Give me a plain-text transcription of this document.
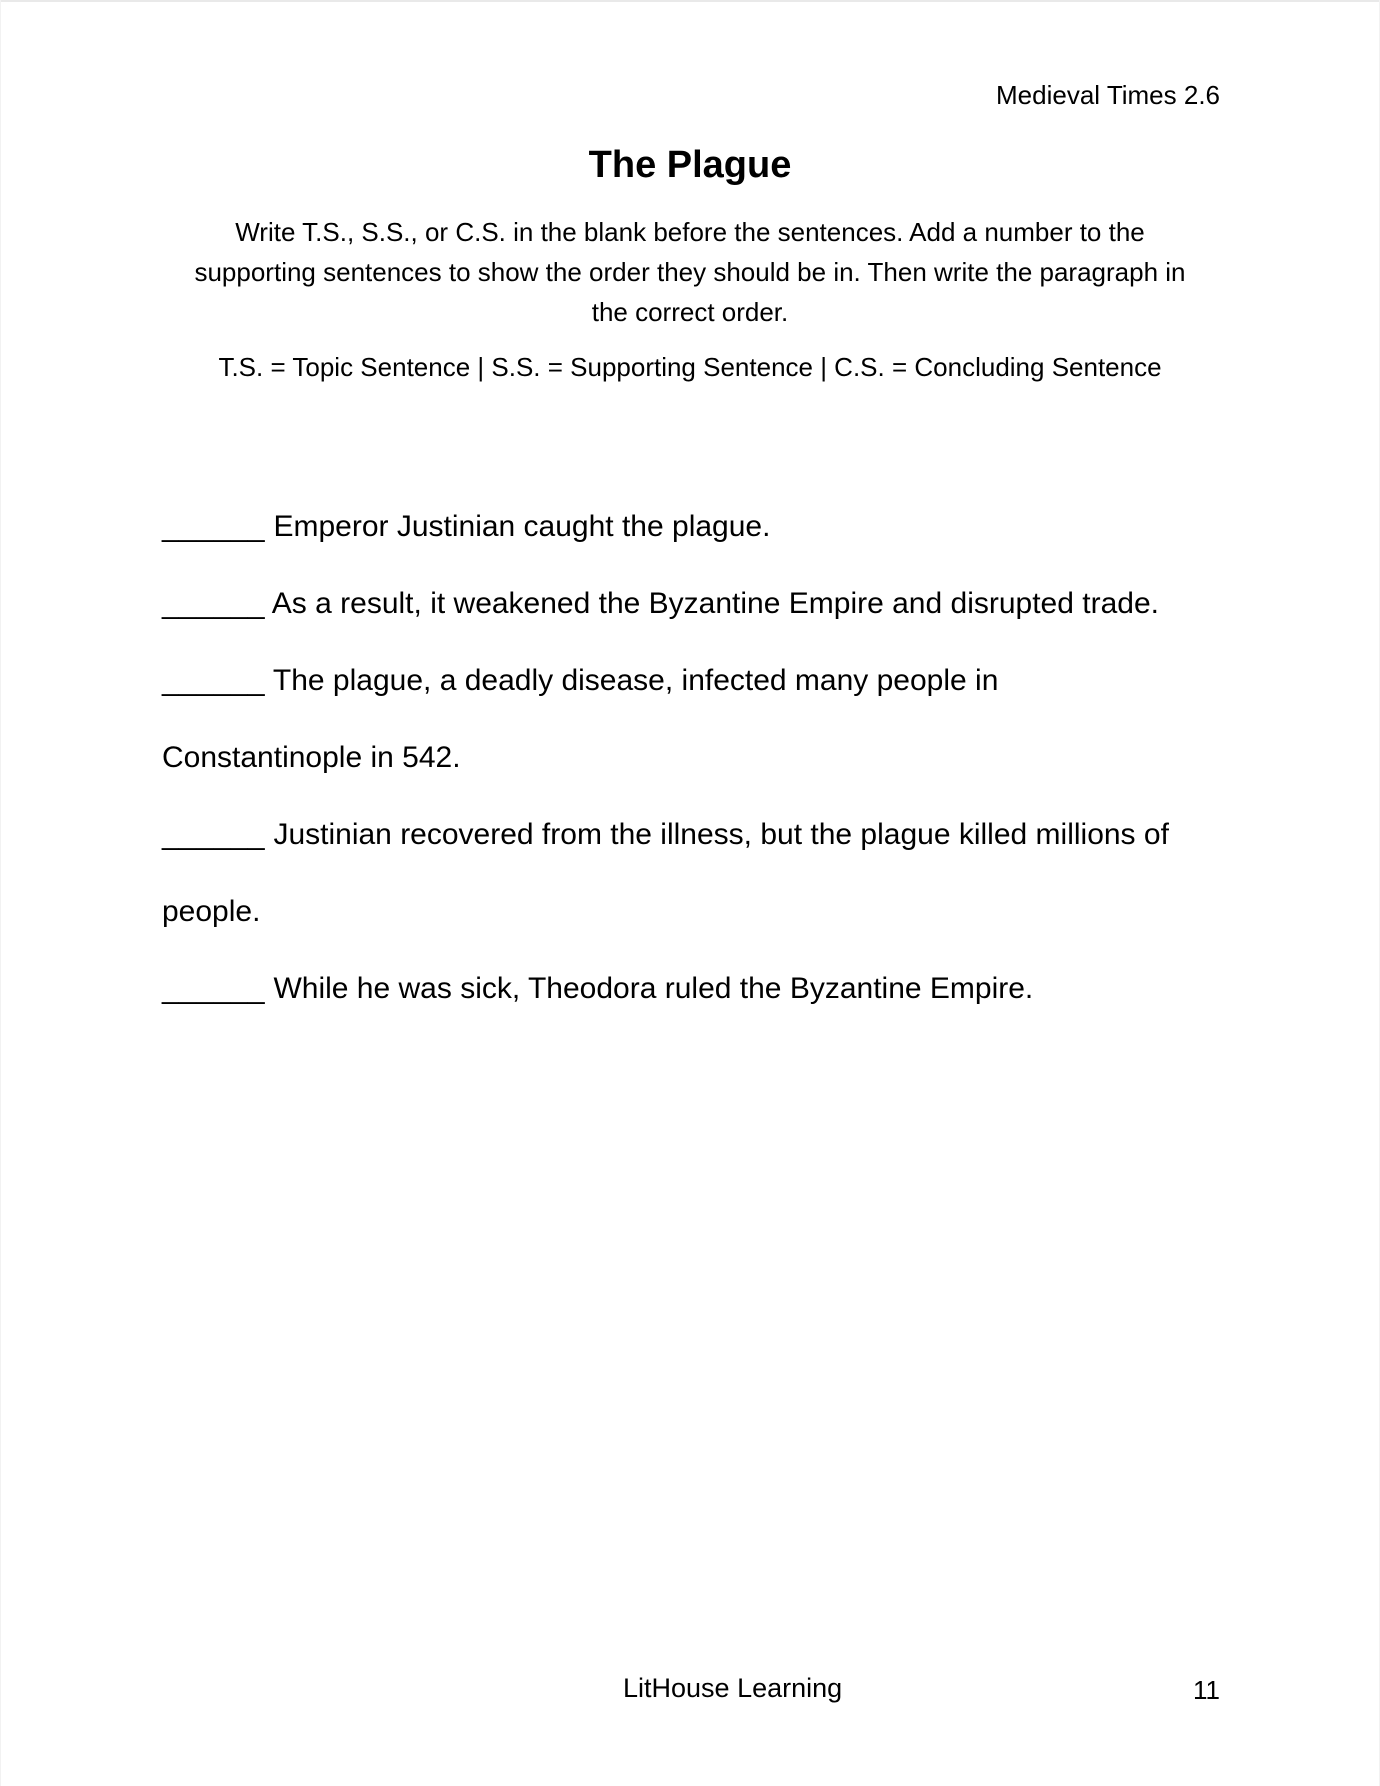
Medieval Times 2.6
The Plague
Write T.S., S.S., or C.S. in the blank before the sentences. Add a number to the
supporting sentences to show the order they should be in. Then write the paragraph in
the correct order.
T.S. = Topic Sentence | S.S. = Supporting Sentence | C.S. = Concluding Sentence
______ Emperor Justinian caught the plague.
______ As a result, it weakened the Byzantine Empire and disrupted trade.
______ The plague, a deadly disease, infected many people in
Constantinople in 542.
______ Justinian recovered from the illness, but the plague killed millions of
people.
______ While he was sick, Theodora ruled the Byzantine Empire.
LitHouse Learning	11
